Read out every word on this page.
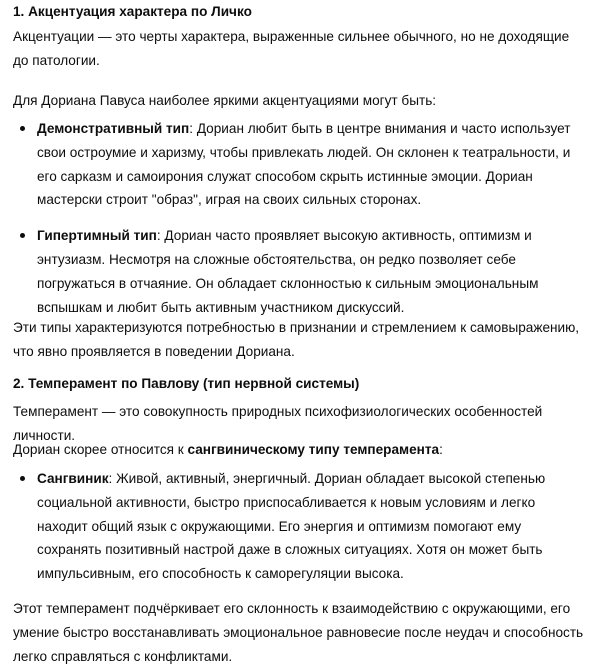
1. Акцентуация характера по Личко

Акцентуации — это черты характера, выраженные сильнее обычного, но не доходящие до патологии.

Для Дориана Павуса наиболее яркими акцентуациями могут быть:

Демонстративный тип: Дориан любит быть в центре внимания и часто использует свои остроумие и харизму, чтобы привлекать людей. Он склонен к театральности, и его сарказм и самоирония служат способом скрыть истинные эмоции. Дориан мастерски строит "образ", играя на своих сильных сторонах.
Гипертимный тип: Дориан часто проявляет высокую активность, оптимизм и энтузиазм. Несмотря на сложные обстоятельства, он редко позволяет себе погружаться в отчаяние. Он обладает склонностью к сильным эмоциональным вспышкам и любит быть активным участником дискуссий.

Эти типы характеризуются потребностью в признании и стремлением к самовыражению, что явно проявляется в поведении Дориана.

2. Темперамент по Павлову (тип нервной системы)

Темперамент — это совокупность природных психофизиологических особенностей личности.

Дориан скорее относится к сангвиническому типу темперамента:

Сангвиник: Живой, активный, энергичный. Дориан обладает высокой степенью социальной активности, быстро приспосабливается к новым условиям и легко находит общий язык с окружающими. Его энергия и оптимизм помогают ему сохранять позитивный настрой даже в сложных ситуациях. Хотя он может быть импульсивным, его способность к саморегуляции высока.

Этот темперамент подчёркивает его склонность к взаимодействию с окружающими, его умение быстро восстанавливать эмоциональное равновесие после неудач и способность легко справляться с конфликтами.
